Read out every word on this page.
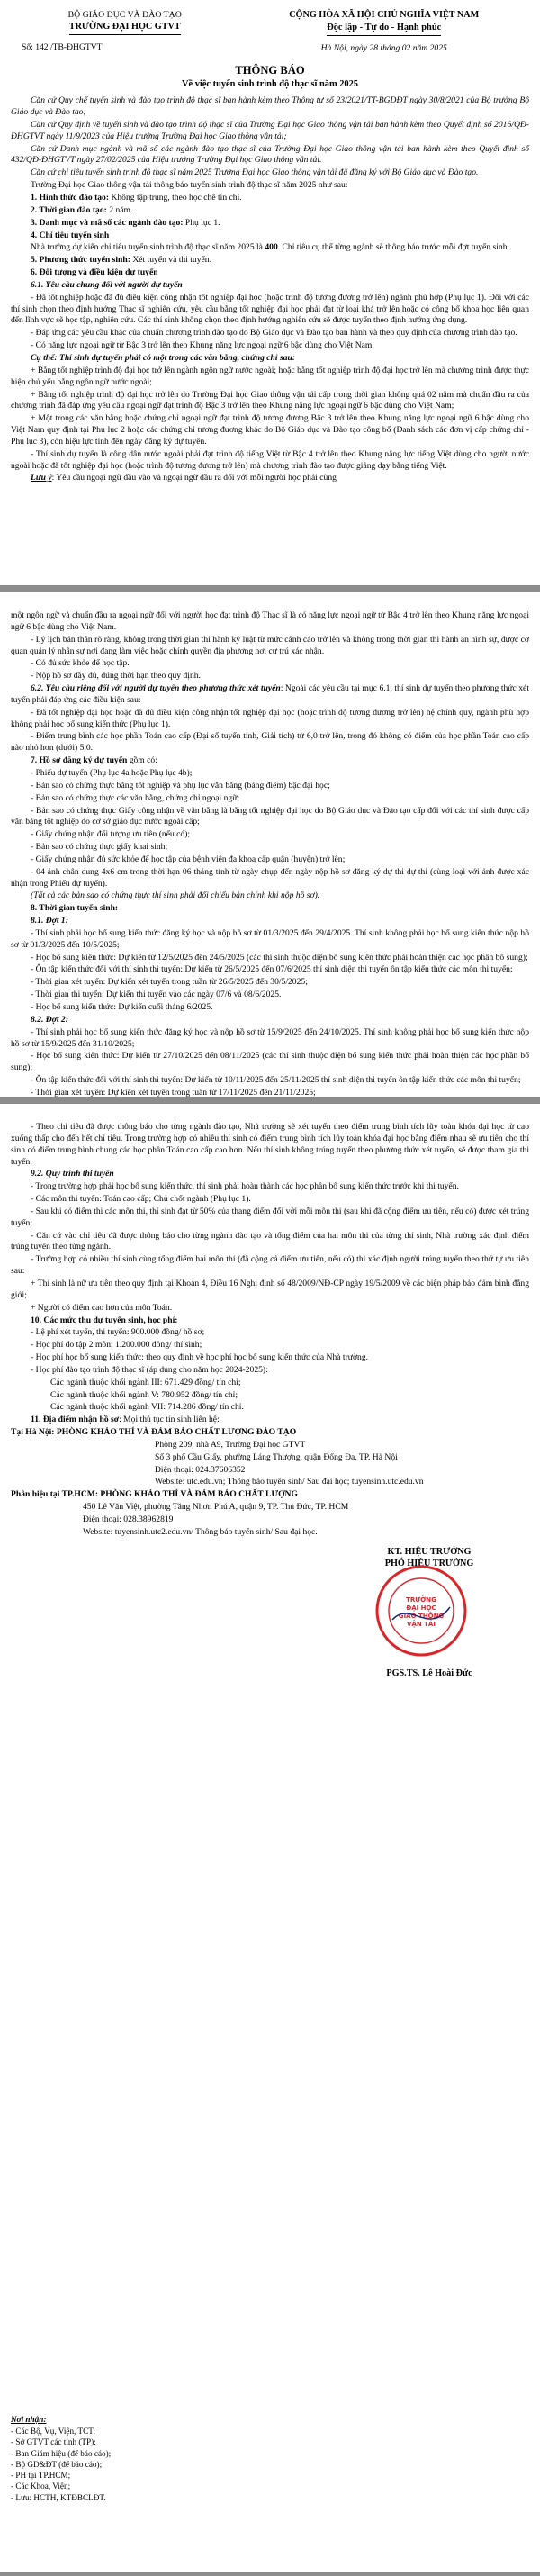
BỘ GIÁO DỤC VÀ ĐÀO TẠO
TRƯỜNG ĐẠI HỌC GTVT
Số: 142 /TB-ĐHGTVT
CỘNG HÒA XÃ HỘI CHỦ NGHĨA VIỆT NAM
Độc lập - Tự do - Hạnh phúc
Hà Nội, ngày 28 tháng 02 năm 2025
THÔNG BÁO
Về việc tuyển sinh trình độ thạc sĩ năm 2025

Căn cứ Quy chế tuyển sinh và đào tạo trình độ thạc sĩ ban hành kèm theo Thông tư số 23/2021/TT-BGDĐT ngày 30/8/2021 của Bộ trưởng Bộ Giáo dục và Đào tạo;

Căn cứ Quy định về tuyển sinh và đào tạo trình độ thạc sĩ của Trường Đại học Giao thông vận tải ban hành kèm theo Quyết định số 2016/QĐ-ĐHGTVT ngày 11/9/2023 của Hiệu trưởng Trường Đại học Giao thông vận tải;

Căn cứ Danh mục ngành và mã số các ngành đào tạo thạc sĩ của Trường Đại học Giao thông vận tải ban hành kèm theo Quyết định số 432/QĐ-ĐHGTVT ngày 27/02/2025 của Hiệu trưởng Trường Đại học Giao thông vận tải.

Căn cứ chỉ tiêu tuyển sinh trình độ thạc sĩ năm 2025 Trường Đại học Giao thông vận tải đã đăng ký với Bộ Giáo dục và Đào tạo.

Trường Đại học Giao thông vận tải thông báo tuyển sinh trình độ thạc sĩ năm 2025 như sau:

1. Hình thức đào tạo: Không tập trung, theo học chế tín chỉ.

2. Thời gian đào tạo: 2 năm.

3. Danh mục và mã số các ngành đào tạo: Phụ lục 1.

4. Chỉ tiêu tuyển sinh

Nhà trường dự kiến chỉ tiêu tuyển sinh trình độ thạc sĩ năm 2025 là 400. Chỉ tiêu cụ thể từng ngành sẽ thông báo trước mỗi đợt tuyển sinh.

5. Phương thức tuyển sinh: Xét tuyển và thi tuyển.

6. Đối tượng và điều kiện dự tuyển

6.1. Yêu cầu chung đối với người dự tuyển

- Đã tốt nghiệp hoặc đã đủ điều kiện công nhận tốt nghiệp đại học (hoặc trình độ tương đương trở lên) ngành phù hợp (Phụ lục 1). Đối với các thí sinh chọn theo định hướng Thạc sĩ nghiên cứu, yêu cầu bằng tốt nghiệp đại học phải đạt từ loại khá trở lên hoặc có công bố khoa học liên quan đến lĩnh vực sẽ học tập, nghiên cứu. Các thí sinh không chọn theo định hướng nghiên cứu sẽ được tuyển theo định hướng ứng dụng.

- Đáp ứng các yêu cầu khác của chuẩn chương trình đào tạo do Bộ Giáo dục và Đào tạo ban hành và theo quy định của chương trình đào tạo.

- Có năng lực ngoại ngữ từ Bậc 3 trở lên theo Khung năng lực ngoại ngữ 6 bậc dùng cho Việt Nam.

Cụ thể: Thí sinh dự tuyển phải có một trong các văn bằng, chứng chỉ sau:

+ Bằng tốt nghiệp trình độ đại học trở lên ngành ngôn ngữ nước ngoài; hoặc bằng tốt nghiệp trình độ đại học trở lên mà chương trình được thực hiện chủ yếu bằng ngôn ngữ nước ngoài;

+ Bằng tốt nghiệp trình độ đại học trở lên do Trường Đại học Giao thông vận tải cấp trong thời gian không quá 02 năm mà chuẩn đầu ra của chương trình đã đáp ứng yêu cầu ngoại ngữ đạt trình độ Bậc 3 trở lên theo Khung năng lực ngoại ngữ 6 bậc dùng cho Việt Nam;

+ Một trong các văn bằng hoặc chứng chỉ ngoại ngữ đạt trình độ tương đương Bậc 3 trở lên theo Khung năng lực ngoại ngữ 6 bậc dùng cho Việt Nam quy định tại Phụ lục 2 hoặc các chứng chỉ tương đương khác do Bộ Giáo dục và Đào tạo công bố (Danh sách các đơn vị cấp chứng chỉ - Phụ lục 3), còn hiệu lực tính đến ngày đăng ký dự tuyển.

- Thí sinh dự tuyển là công dân nước ngoài phải đạt trình độ tiếng Việt từ Bậc 4 trở lên theo Khung năng lực tiếng Việt dùng cho người nước ngoài hoặc đã tốt nghiệp đại học (hoặc trình độ tương đương trở lên) mà chương trình đào tạo được giảng dạy bằng tiếng Việt.

Lưu ý: Yêu cầu ngoại ngữ đầu vào và ngoại ngữ đầu ra đối với mỗi người học phải cùng

một ngôn ngữ và chuẩn đầu ra ngoại ngữ đối với người học đạt trình độ Thạc sĩ là có năng lực ngoại ngữ từ Bậc 4 trở lên theo Khung năng lực ngoại ngữ 6 bậc dùng cho Việt Nam.

- Lý lịch bản thân rõ ràng, không trong thời gian thi hành kỷ luật từ mức cảnh cáo trở lên và không trong thời gian thi hành án hình sự, được cơ quan quản lý nhân sự nơi đang làm việc hoặc chính quyền địa phương nơi cư trú xác nhận.

- Có đủ sức khỏe để học tập.

- Nộp hồ sơ đầy đủ, đúng thời hạn theo quy định.

6.2. Yêu cầu riêng đối với người dự tuyển theo phương thức xét tuyển: Ngoài các yêu cầu tại mục 6.1, thí sinh dự tuyển theo phương thức xét tuyển phải đáp ứng các điều kiện sau:

- Đã tốt nghiệp đại học hoặc đã đủ điều kiện công nhận tốt nghiệp đại học (hoặc trình độ tương đương trở lên) hệ chính quy, ngành phù hợp không phải học bổ sung kiến thức (Phụ lục 1).

- Điểm trung bình các học phần Toán cao cấp (Đại số tuyến tính, Giải tích) từ 6,0 trở lên, trong đó không có điểm của học phần Toán cao cấp nào nhỏ hơn (dưới) 5,0.

7. Hồ sơ đăng ký dự tuyển gồm có:

- Phiếu dự tuyển (Phụ lục 4a hoặc Phụ lục 4b);

- Bản sao có chứng thực bằng tốt nghiệp và phụ lục văn bằng (bảng điểm) bậc đại học;

- Bản sao có chứng thực các văn bằng, chứng chỉ ngoại ngữ;

- Bản sao có chứng thực Giấy công nhận về văn bằng là bằng tốt nghiệp đại học do Bộ Giáo dục và Đào tạo cấp đối với các thí sinh được cấp văn bằng tốt nghiệp do cơ sở giáo dục nước ngoài cấp;

- Giấy chứng nhận đối tượng ưu tiên (nếu có);

- Bản sao có chứng thực giấy khai sinh;

- Giấy chứng nhận đủ sức khỏe để học tập của bệnh viện đa khoa cấp quận (huyện) trở lên;

- 04 ảnh chân dung 4x6 cm trong thời hạn 06 tháng tính từ ngày chụp đến ngày nộp hồ sơ đăng ký dự thi dự thi (cùng loại với ảnh được xác nhận trong Phiếu dự tuyển).

(Tất cả các bản sao có chứng thực thí sinh phải đối chiếu bản chính khi nộp hồ sơ).

8. Thời gian tuyển sinh:

8.1. Đợt 1:

- Thí sinh phải học bổ sung kiến thức đăng ký học và nộp hồ sơ từ 01/3/2025 đến 29/4/2025. Thí sinh không phải học bổ sung kiến thức nộp hồ sơ từ 01/3/2025 đến 10/5/2025;

- Học bổ sung kiến thức: Dự kiến từ 12/5/2025 đến 24/5/2025 (các thí sinh thuộc diện bổ sung kiến thức phải hoàn thiện các học phần bổ sung);

- Ôn tập kiến thức đối với thí sinh thi tuyển: Dự kiến từ 26/5/2025 đến 07/6/2025 thí sinh diện thi tuyển ôn tập kiến thức các môn thi tuyển;

- Thời gian xét tuyển: Dự kiến xét tuyển trong tuần từ 26/5/2025 đến 30/5/2025;

- Thời gian thi tuyển: Dự kiến thi tuyển vào các ngày 07/6 và 08/6/2025.

- Học bổ sung kiến thức: Dự kiến cuối tháng 6/2025.

8.2. Đợt 2:

- Thí sinh phải học bổ sung kiến thức đăng ký học và nộp hồ sơ từ 15/9/2025 đến 24/10/2025. Thí sinh không phải học bổ sung kiến thức nộp hồ sơ từ 15/9/2025 đến 31/10/2025;

- Học bổ sung kiến thức: Dự kiến từ 27/10/2025 đến 08/11/2025 (các thí sinh thuộc diện bổ sung kiến thức phải hoàn thiện các học phần bổ sung);

- Ôn tập kiến thức đối với thí sinh thi tuyển: Dự kiến từ 10/11/2025 đến 25/11/2025 thí sinh diện thi tuyển ôn tập kiến thức các môn thi tuyển;

- Thời gian xét tuyển: Dự kiến xét tuyển trong tuần từ 17/11/2025 đến 21/11/2025;

- Theo chỉ tiêu đã được thông báo cho từng ngành đào tạo, Nhà trường sẽ xét tuyển theo điểm trung bình tích lũy toàn khóa đại học từ cao xuống thấp cho đến hết chỉ tiêu. Trong trường hợp có nhiều thí sinh có điểm trung bình tích lũy toàn khóa đại học bằng điểm nhau sẽ ưu tiên cho thí sinh có điểm trung bình chung các học phần Toán cao cấp cao hơn. Nếu thí sinh không trúng tuyển theo phương thức xét tuyển, sẽ được tham gia thi tuyển.

9.2. Quy trình thi tuyển

- Trong trường hợp phải học bổ sung kiến thức, thí sinh phải hoàn thành các học phần bổ sung kiến thức trước khi thi tuyển.

- Các môn thi tuyển: Toán cao cấp; Chủ chốt ngành (Phụ lục 1).

- Sau khi có điểm thi các môn thi, thí sinh đạt từ 50% của thang điểm đối với mỗi môn thi (sau khi đã cộng điểm ưu tiên, nếu có) được xét trúng tuyển;

- Căn cứ vào chỉ tiêu đã được thông báo cho từng ngành đào tạo và tổng điểm của hai môn thi của từng thí sinh, Nhà trường xác định điểm trúng tuyển theo từng ngành.

- Trường hợp có nhiều thí sinh cùng tổng điểm hai môn thi (đã cộng cả điểm ưu tiên, nếu có) thì xác định người trúng tuyển theo thứ tự ưu tiên sau:

+ Thí sinh là nữ ưu tiên theo quy định tại Khoản 4, Điều 16 Nghị định số 48/2009/NĐ-CP ngày 19/5/2009 về các biện pháp bảo đảm bình đẳng giới;

+ Người có điểm cao hơn của môn Toán.

10. Các mức thu dự tuyển sinh, học phí:

- Lệ phí xét tuyển, thi tuyển: 900.000 đồng/ hồ sơ;

- Học phí do tập 2 môn: 1.200.000 đồng/ thí sinh;

- Học phí học bổ sung kiến thức: theo quy định về học phí học bổ sung kiến thức của Nhà trường.

- Học phí đào tạo trình độ thạc sĩ (áp dụng cho năm học 2024-2025):

Các ngành thuộc khối ngành III: 671.429 đồng/ tín chỉ;

Các ngành thuộc khối ngành V: 780.952 đồng/ tín chỉ;

Các ngành thuộc khối ngành VII: 714.286 đồng/ tín chỉ.

11. Địa điểm nhận hồ sơ: Mọi thủ tục tín sinh liên hệ:

Tại Hà Nội: PHÒNG KHẢO THÍ VÀ ĐẢM BẢO CHẤT LƯỢNG ĐÀO TẠO

Phòng 209, nhà A9, Trường Đại học GTVT

Số 3 phố Cầu Giấy, phường Láng Thượng, quận Đống Đa, TP. Hà Nội

Điện thoại: 024.37606352

Website: utc.edu.vn; Thông báo tuyển sinh/ Sau đại học; tuyensinh.utc.edu.vn

Phân hiệu tại TP.HCM: PHÒNG KHẢO THÍ VÀ ĐẢM BẢO CHẤT LƯỢNG

450 Lê Văn Việt, phường Tăng Nhơn Phú A, quận 9, TP. Thủ Đức, TP. HCM

Điện thoại: 028.38962819

Website: tuyensinh.utc2.edu.vn/ Thông báo tuyển sinh/ Sau đại học.

KT. HIỆU TRƯỞNG
PHÓ HIỆU TRƯỞNG
TRƯỜNG
ĐẠI HỌC
GIAO THÔNG
VẬN TẢI
PGS.TS. Lê Hoài Đức
Nơi nhận:
- Các Bộ, Vụ, Viện, TCT;
- Sở GTVT các tỉnh (TP);
- Ban Giám hiệu (để báo cáo);
- Bộ GD&ĐT (để báo cáo);
- PH tại TP.HCM;
- Các Khoa, Viện;
- Lưu: HCTH, KTĐBCLĐT.
